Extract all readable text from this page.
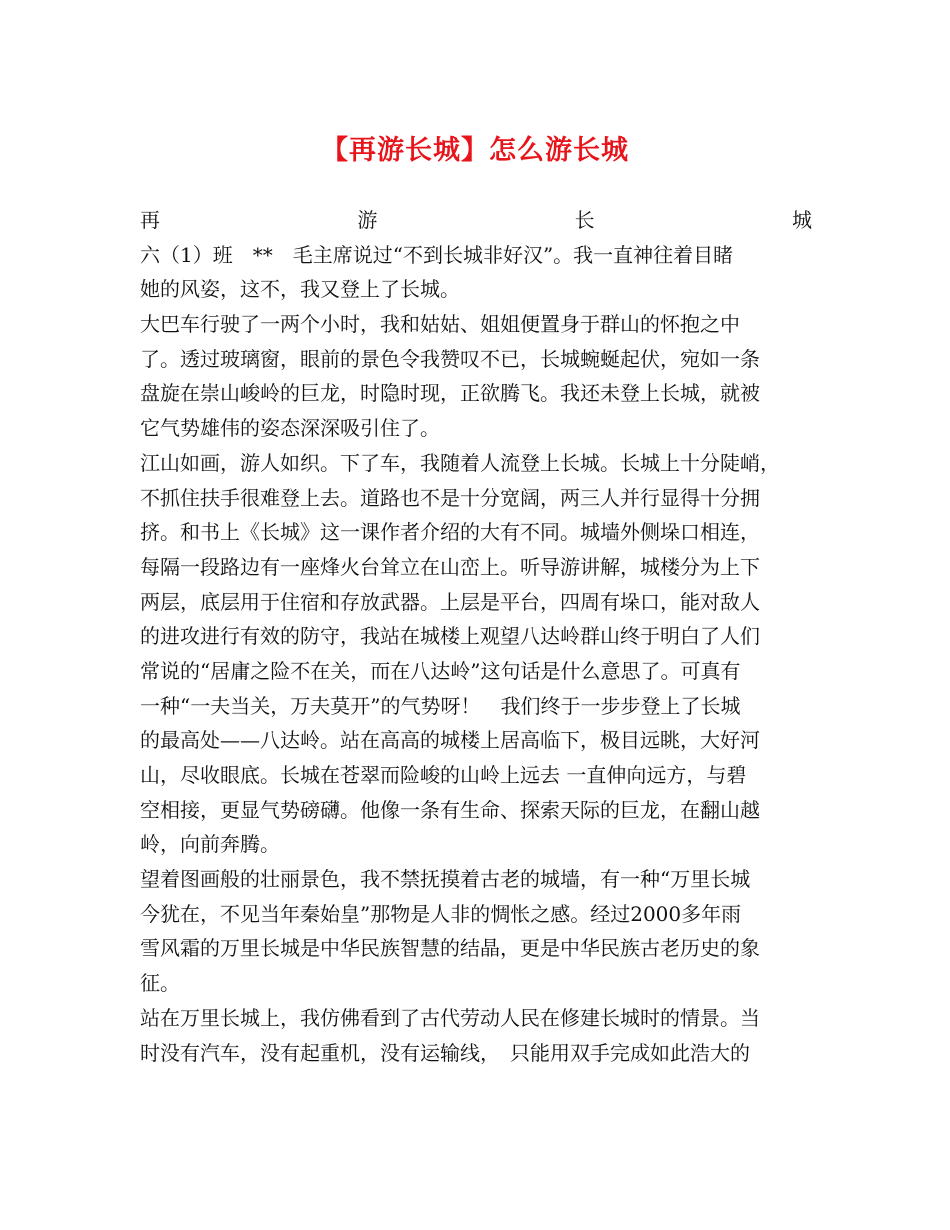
【再游长城】怎么游长城
再	游	长	城
六（1）班　**　毛主席说过“不到长城非好汉”。我一直神往着目睹
她的风姿，这不，我又登上了长城。
大巴车行驶了一两个小时，我和姑姑、姐姐便置身于群山的怀抱之中
了。透过玻璃窗，眼前的景色令我赞叹不已，长城蜿蜒起伏，宛如一条
盘旋在崇山峻岭的巨龙，时隐时现，正欲腾飞。我还未登上长城，就被
它气势雄伟的姿态深深吸引住了。
江山如画，游人如织。下了车，我随着人流登上长城。长城上十分陡峭，
不抓住扶手很难登上去。道路也不是十分宽阔，两三人并行显得十分拥
挤。和书上《长城》这一课作者介绍的大有不同。城墙外侧垛口相连，
每隔一段路边有一座烽火台耸立在山峦上。听导游讲解，城楼分为上下
两层，底层用于住宿和存放武器。上层是平台，四周有垛口，能对敌人
的进攻进行有效的防守，我站在城楼上观望八达岭群山终于明白了人们
常说的“居庸之险不在关，而在八达岭”这句话是什么意思了。可真有
一种“一夫当关，万夫莫开”的气势呀！　我们终于一步步登上了长城
的最高处——八达岭。站在高高的城楼上居高临下，极目远眺，大好河
山，尽收眼底。长城在苍翠而险峻的山岭上远去 一直伸向远方，与碧
空相接，更显气势磅礴。他像一条有生命、探索天际的巨龙，在翻山越
岭，向前奔腾。
望着图画般的壮丽景色，我不禁抚摸着古老的城墙，有一种“万里长城
今犹在，不见当年秦始皇”那物是人非的惆怅之感。经过2000多年雨
雪风霜的万里长城是中华民族智慧的结晶，更是中华民族古老历史的象
征。
站在万里长城上，我仿佛看到了古代劳动人民在修建长城时的情景。当
时没有汽车，没有起重机，没有运输线，　只能用双手完成如此浩大的
